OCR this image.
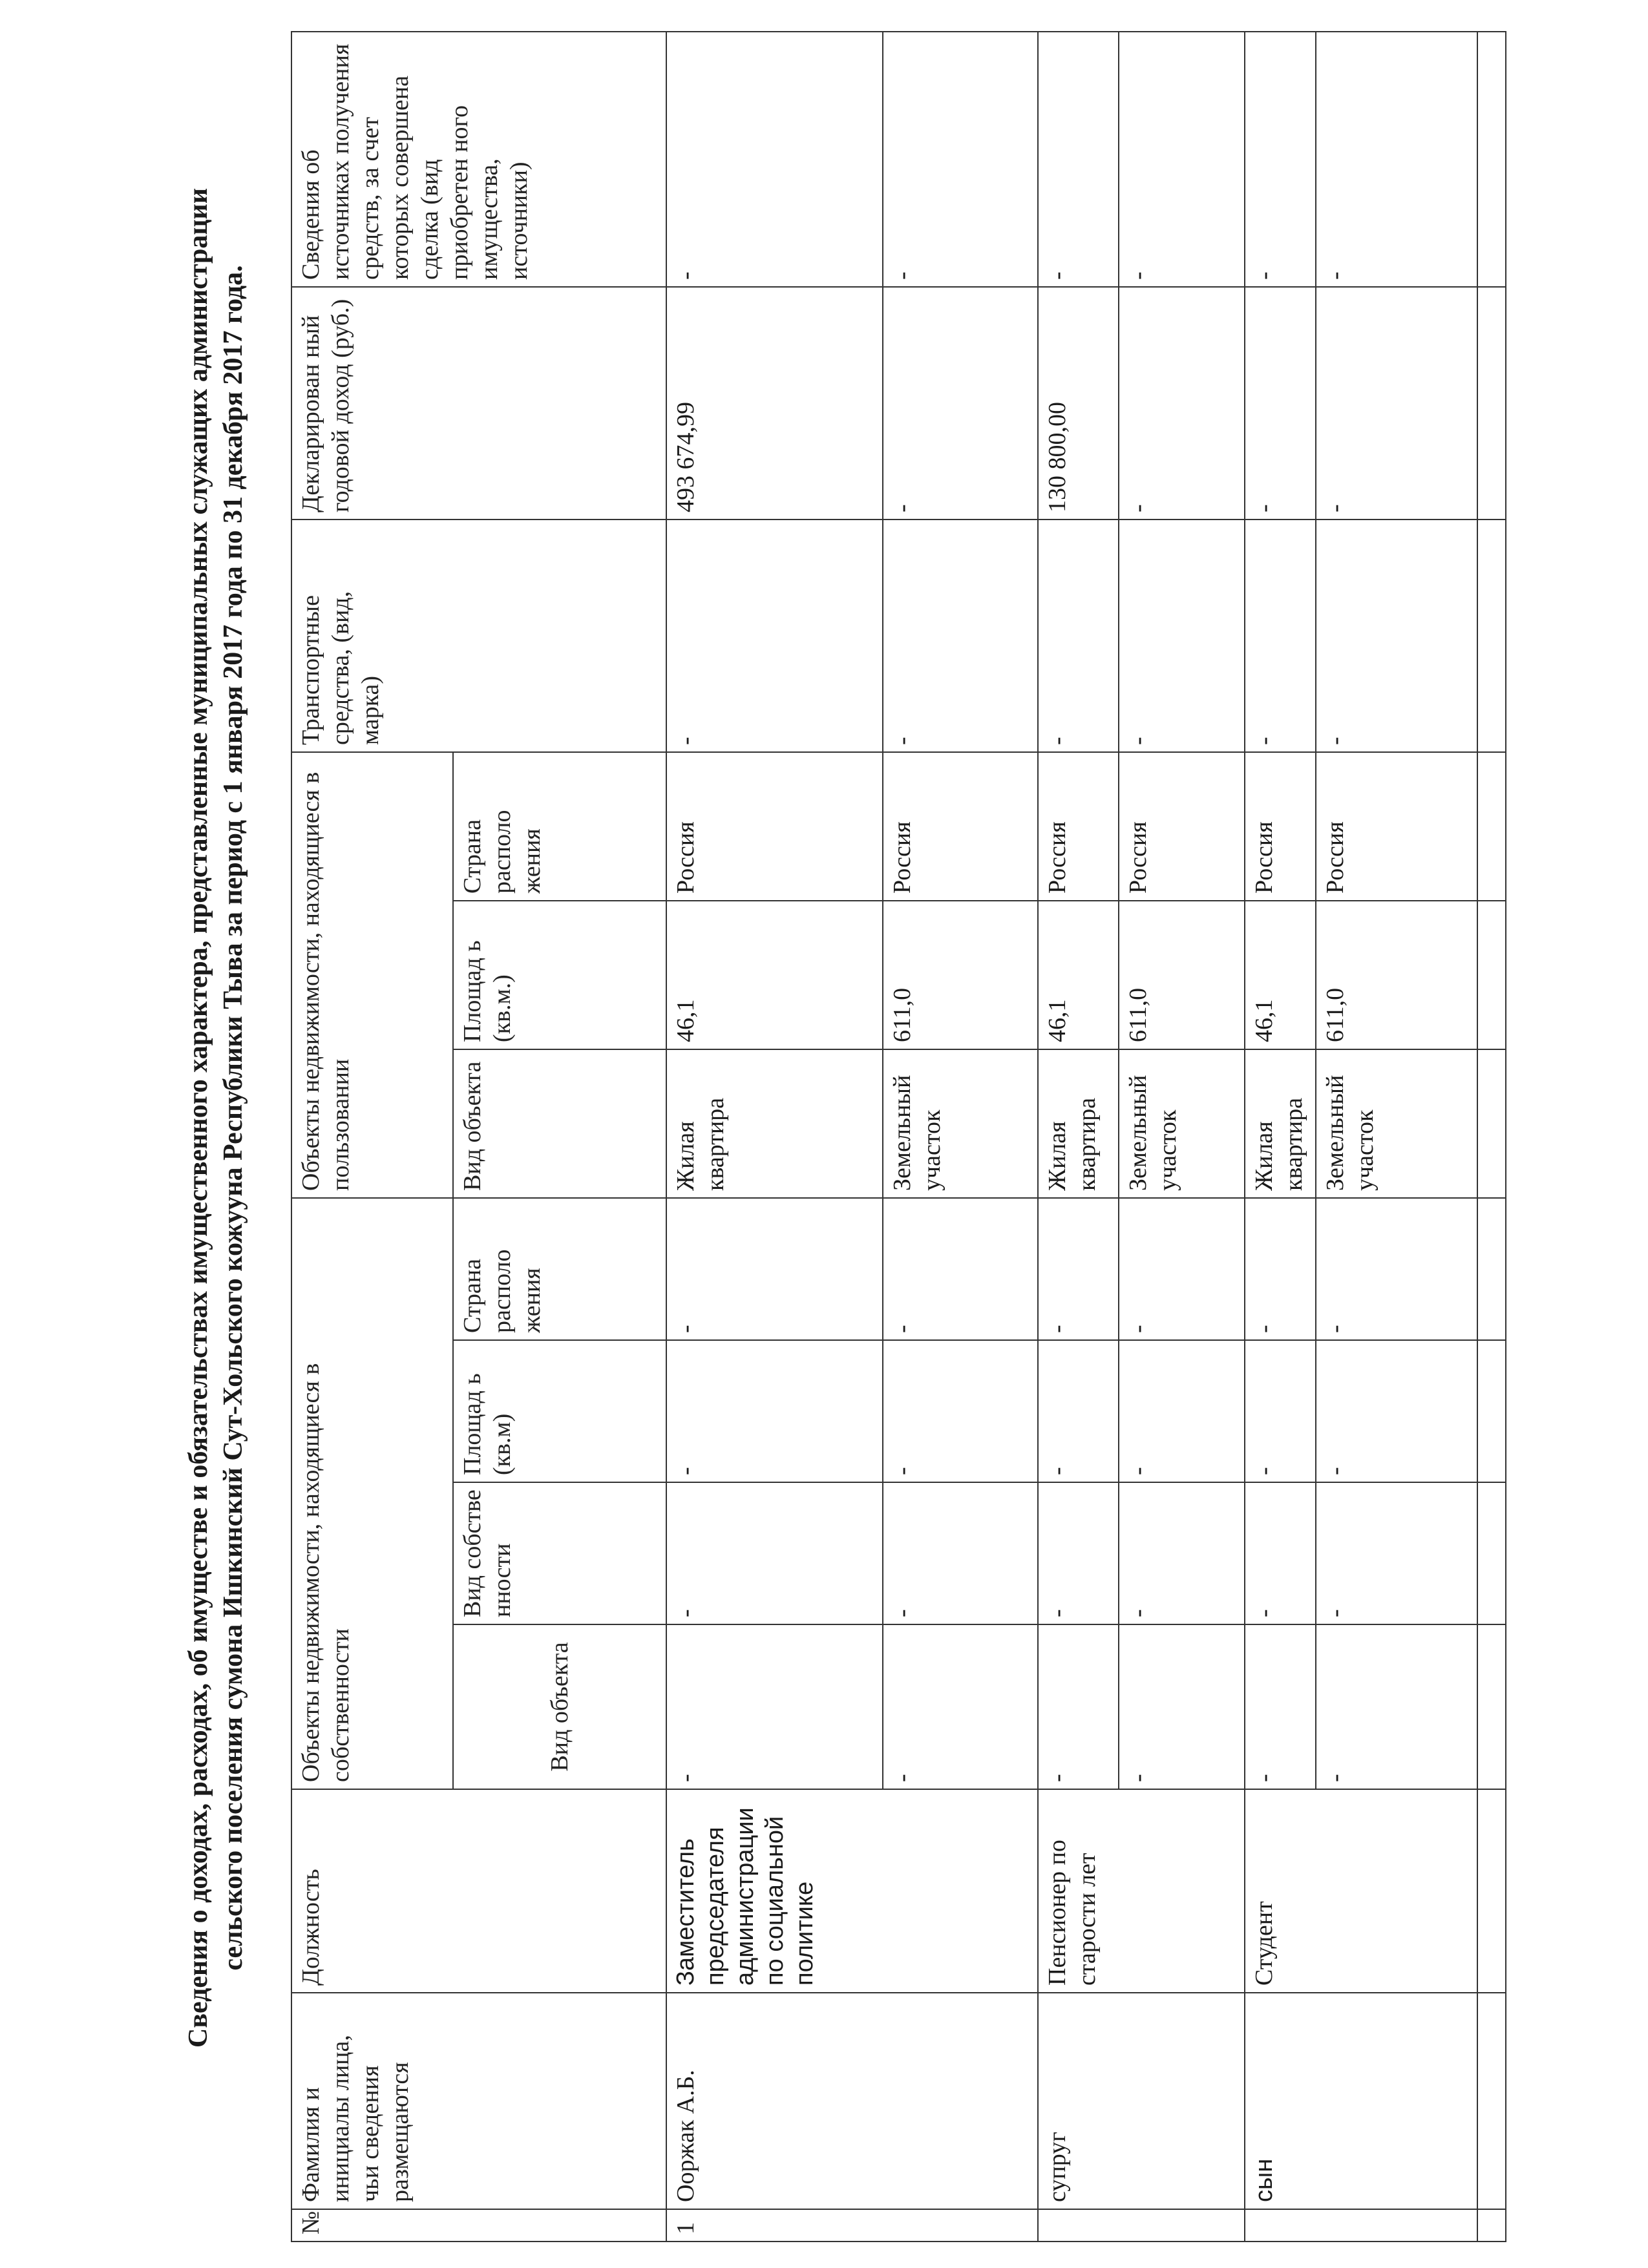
Сведения о доходах, расходах, об имуществе и обязательствах имущественного характера, представленные муниципальных служащих администрации сельского поселения сумона Ишкинский Сут-Хольского кожууна Республики Тыва за период с 1 января 2017 года по 31 декабря 2017 года.
№	Фамилия и инициалы лица, чьи сведения размещаются	Должность	Объекты недвижимости, находящиеся в собственности				Объекты недвижимости, находящиеся в пользовании			Транспортные средства, (вид, марка)	Декларирован ный годовой доход (руб.)	Сведения об источниках получения средств, за счет которых совершена сделка (вид приобретен ного имущества, источники)
			Вид объекта	Вид собстве нности	Площад ь (кв.м)	Страна располо жения	Вид объекта	Площад ь (кв.м.)	Страна располо жения			
1	Ооржак А.Б.	Заместитель председателя администрации по социальной политике	-	-	-	-	Жилая квартира	46,1	Россия	-	493 674,99	-
			-	-	-	-	Земельный участок	611,0	Россия	-	-	-
	супруг	Пенсионер по старости лет	-	-	-	-	Жилая квартира	46,1	Россия	-	130 800,00	-
			-	-	-	-	Земельный участок	611,0	Россия	-	-	-
	сын	Студент	-	-	-	-	Жилая квартира	46,1	Россия	-	-	-
			-	-	-	-	Земельный участок	611,0	Россия	-	-	-
